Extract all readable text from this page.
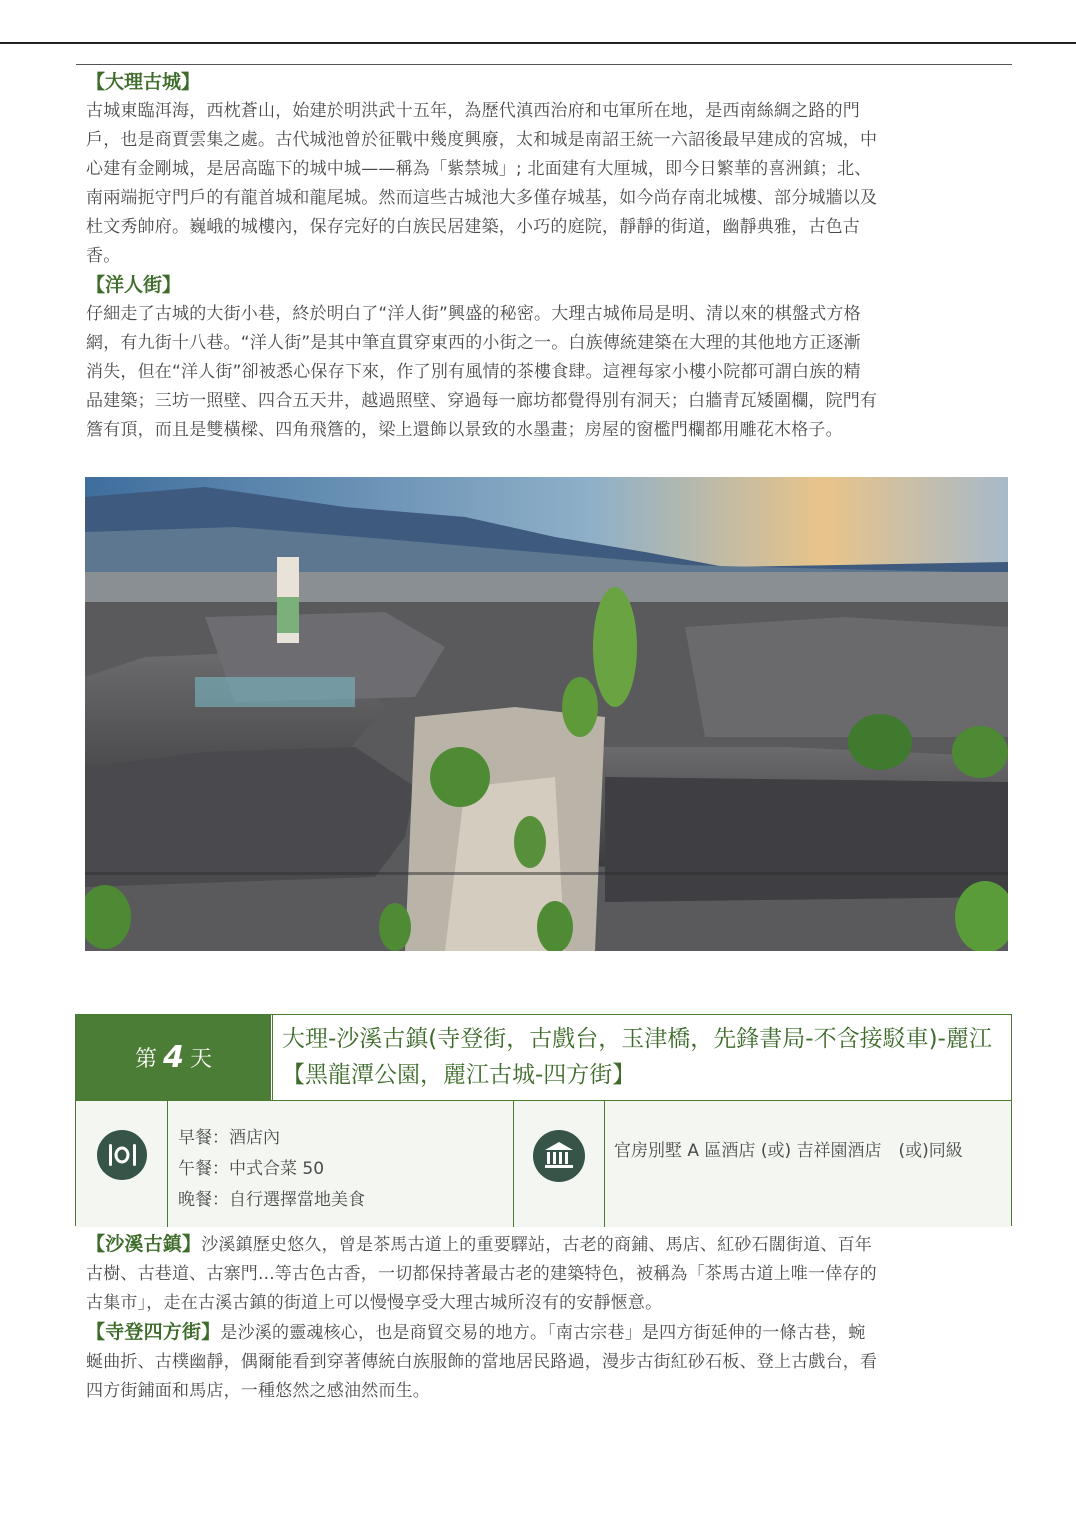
【大理古城】

古城東臨洱海，西枕蒼山，始建於明洪武十五年，為歷代滇西治府和屯軍所在地，是西南絲綢之路的門

戶，也是商賈雲集之處。古代城池曾於征戰中幾度興廢，太和城是南詔王統一六詔後最早建成的宮城，中

心建有金剛城，是居高臨下的城中城——稱為「紫禁城」; 北面建有大厘城，即今日繁華的喜洲鎮；北、

南兩端扼守門戶的有龍首城和龍尾城。然而這些古城池大多僅存城基，如今尚存南北城樓、部分城牆以及

杜文秀帥府。巍峨的城樓內，保存完好的白族民居建築，小巧的庭院，靜靜的街道，幽靜典雅，古色古

香。

【洋人街】

仔細走了古城的大街小巷，終於明白了“洋人街”興盛的秘密。大理古城佈局是明、清以來的棋盤式方格

網，有九街十八巷。“洋人街”是其中筆直貫穿東西的小街之一。白族傳統建築在大理的其他地方正逐漸

消失，但在“洋人街”卻被悉心保存下來，作了別有風情的茶樓食肆。這裡每家小樓小院都可謂白族的精

品建築；三坊一照壁、四合五天井，越過照壁、穿過每一廊坊都覺得別有洞天；白牆青瓦矮圍欄，院門有

簷有頂，而且是雙橫樑、四角飛簷的，梁上還飾以景致的水墨畫；房屋的窗檻門欄都用雕花木格子。

第 4 天
大理-沙溪古鎮(寺登街，古戲台，玉津橋，先鋒書局-不含接駁車)-麗江【黑龍潭公園，麗江古城-四方街】
早餐：酒店內
午餐：中式合菜 50
晚餐：自行選擇當地美食
官房別墅 A 區酒店 (或) 吉祥園酒店　(或)同級

【沙溪古鎮】沙溪鎮歷史悠久，曾是茶馬古道上的重要驛站，古老的商鋪、馬店、紅砂石闊街道、百年

古樹、古巷道、古寨門...等古色古香，一切都保持著最古老的建築特色，被稱為「茶馬古道上唯一倖存的

古集市」，走在古溪古鎮的街道上可以慢慢享受大理古城所沒有的安靜愜意。

【寺登四方街】是沙溪的靈魂核心，也是商貿交易的地方。「南古宗巷」是四方街延伸的一條古巷，蜿

蜒曲折、古樸幽靜，偶爾能看到穿著傳統白族服飾的當地居民路過，漫步古街紅砂石板、登上古戲台，看

四方街鋪面和馬店，一種悠然之感油然而生。
